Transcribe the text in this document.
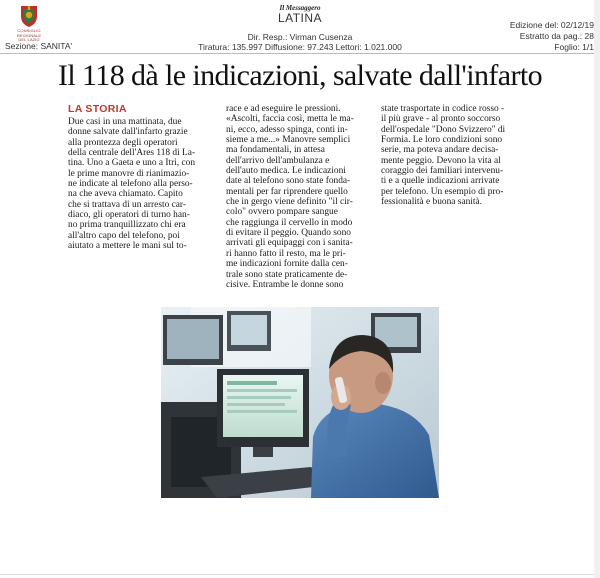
CONSIGLIO
REGIONALE
DEL LAZIO
Sezione: SANITA'
Il Messaggero
LATINA
Dir. Resp.: Virman Cusenza
Tiratura: 135.997 Diffusione: 97.243 Lettori: 1.021.000
Edizione del: 02/12/19
Estratto da pag.: 28
Foglio: 1/1
Il 118 dà le indicazioni, salvate dall'infarto
LA STORIA
Due casi in una mattinata, due
donne salvate dall'infarto grazie
alla prontezza degli operatori
della centrale dell'Ares 118 di La-
tina. Uno a Gaeta e uno a Itri, con
le prime manovre di rianimazio-
ne indicate al telefono alla perso-
na che aveva chiamato. Capito
che si trattava di un arresto car-
diaco, gli operatori di turno han-
no prima tranquillizzato chi era
all'altro capo del telefono, poi
aiutato a mettere le mani sul to-
race e ad eseguire le pressioni.
«Ascolti, faccia così, metta le ma-
ni, ecco, adesso spinga, conti in-
sieme a me...» Manovre semplici
ma fondamentali, in attesa
dell'arrivo dell'ambulanza e
dell'auto medica. Le indicazioni
date al telefono sono state fonda-
mentali per far riprendere quello
che in gergo viene definito "il cir-
colo" ovvero pompare sangue
che raggiunga il cervello in modo
di evitare il peggio. Quando sono
arrivati gli equipaggi con i sanita-
ri hanno fatto il resto, ma le pri-
me indicazioni fornite dalla cen-
trale sono state praticamente de-
cisive. Entrambe le donne sono
state trasportate in codice rosso -
il più grave - al pronto soccorso
dell'ospedale "Dono Svizzero" di
Formia. Le loro condizioni sono
serie, ma poteva andare decisa-
mente peggio. Devono la vita al
coraggio dei familiari intervenu-
ti e a quelle indicazioni arrivate
per telefono. Un esempio di pro-
fessionalità e buona sanità.
